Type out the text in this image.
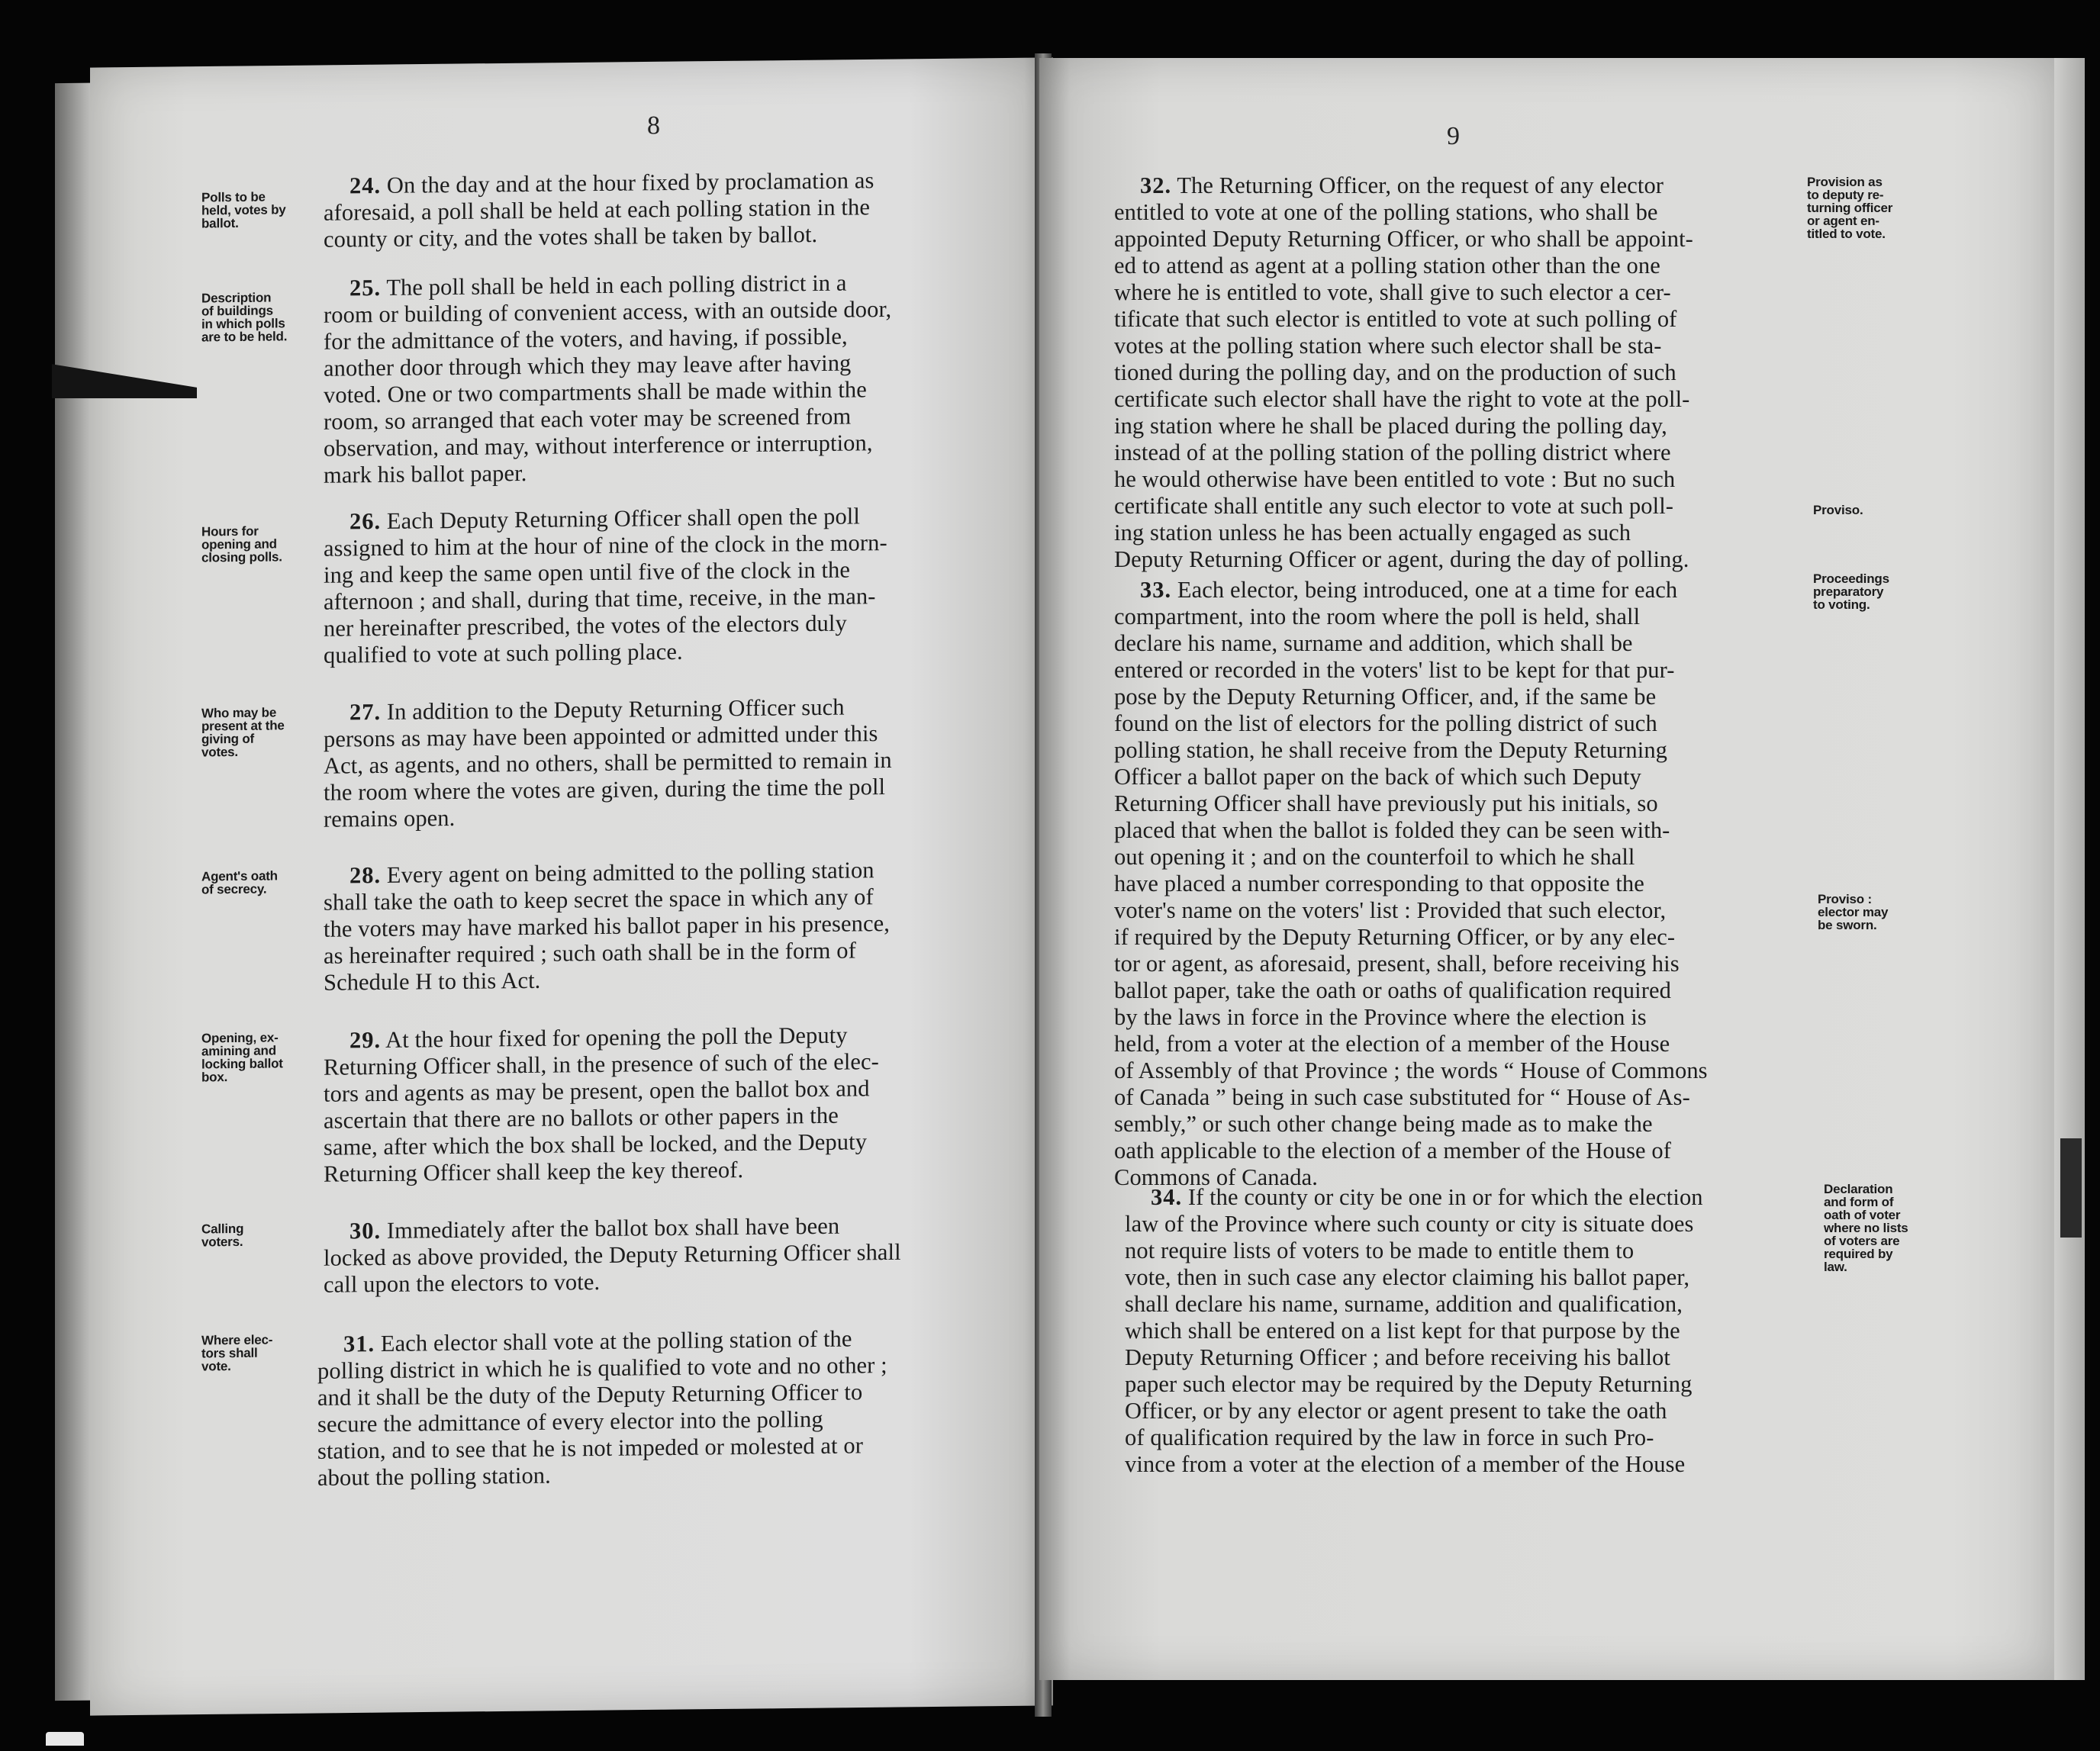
8
Polls to be
held, votes by
ballot.
24. On the day and at the hour fixed by proclamation as
aforesaid, a poll shall be held at each polling station in the
county or city, and the votes shall be taken by ballot.
Description
of buildings
in which polls
are to be held.
25. The poll shall be held in each polling district in a
room or building of convenient access, with an outside door,
for the admittance of the voters, and having, if possible,
another door through which they may leave after having
voted. One or two compartments shall be made within the
room, so arranged that each voter may be screened from
observation, and may, without interference or interruption,
mark his ballot paper.
Hours for
opening and
closing polls.
26. Each Deputy Returning Officer shall open the poll
assigned to him at the hour of nine of the clock in the morn-
ing and keep the same open until five of the clock in the
afternoon ; and shall, during that time, receive, in the man-
ner hereinafter prescribed, the votes of the electors duly
qualified to vote at such polling place.
Who may be
present at the
giving of
votes.
27. In addition to the Deputy Returning Officer such
persons as may have been appointed or admitted under this
Act, as agents, and no others, shall be permitted to remain in
the room where the votes are given, during the time the poll
remains open.
Agent's oath
of secrecy.
28. Every agent on being admitted to the polling station
shall take the oath to keep secret the space in which any of
the voters may have marked his ballot paper in his presence,
as hereinafter required ; such oath shall be in the form of
Schedule H to this Act.
Opening, ex-
amining and
locking ballot
box.
29. At the hour fixed for opening the poll the Deputy
Returning Officer shall, in the presence of such of the elec-
tors and agents as may be present, open the ballot box and
ascertain that there are no ballots or other papers in the
same, after which the box shall be locked, and the Deputy
Returning Officer shall keep the key thereof.
Calling
voters.	30. Immediately after the ballot box shall have been
locked as above provided, the Deputy Returning Officer shall
call upon the electors to vote.
Where elec-
tors shall
vote.
31. Each elector shall vote at the polling station of the
polling district in which he is qualified to vote and no other ;
and it shall be the duty of the Deputy Returning Officer to
secure the admittance of every elector into the polling
station, and to see that he is not impeded or molested at or
about the polling station.
9
Provision as
to deputy re-
turning officer
or agent en-
titled to vote.
Proviso.
32. The Returning Officer, on the request of any elector
entitled to vote at one of the polling stations, who shall be
appointed Deputy Returning Officer, or who shall be appoint-
ed to attend as agent at a polling station other than the one
where he is entitled to vote, shall give to such elector a cer-
tificate that such elector is entitled to vote at such polling of
votes at the polling station where such elector shall be sta-
tioned during the polling day, and on the production of such
certificate such elector shall have the right to vote at the poll-
ing station where he shall be placed during the polling day,
instead of at the polling station of the polling district where
he would otherwise have been entitled to vote : But no such
certificate shall entitle any such elector to vote at such poll-
ing station unless he has been actually engaged as such
Deputy Returning Officer or agent, during the day of polling.
Proceedings
preparatory
to voting.
Proviso :
elector may
be sworn.
33. Each elector, being introduced, one at a time for each
compartment, into the room where the poll is held, shall
declare his name, surname and addition, which shall be
entered or recorded in the voters' list to be kept for that pur-
pose by the Deputy Returning Officer, and, if the same be
found on the list of electors for the polling district of such
polling station, he shall receive from the Deputy Returning
Officer a ballot paper on the back of which such Deputy
Returning Officer shall have previously put his initials, so
placed that when the ballot is folded they can be seen with-
out opening it ; and on the counterfoil to which he shall
have placed a number corresponding to that opposite the
voter's name on the voters' list : Provided that such elector,
if required by the Deputy Returning Officer, or by any elec-
tor or agent, as aforesaid, present, shall, before receiving his
ballot paper, take the oath or oaths of qualification required
by the laws in force in the Province where the election is
held, from a voter at the election of a member of the House
of Assembly of that Province ; the words “ House of Commons
of Canada ” being in such case substituted for “ House of As-
sembly,” or such other change being made as to make the
oath applicable to the election of a member of the House of
Commons of Canada.	Declaration
and form of
oath of voter
where no lists
of voters are
required by
law.
34. If the county or city be one in or for which the election
law of the Province where such county or city is situate does
not require lists of voters to be made to entitle them to
vote, then in such case any elector claiming his ballot paper,
shall declare his name, surname, addition and qualification,
which shall be entered on a list kept for that purpose by the
Deputy Returning Officer ; and before receiving his ballot
paper such elector may be required by the Deputy Returning
Officer, or by any elector or agent present to take the oath
of qualification required by the law in force in such Pro-
vince from a voter at the election of a member of the House
